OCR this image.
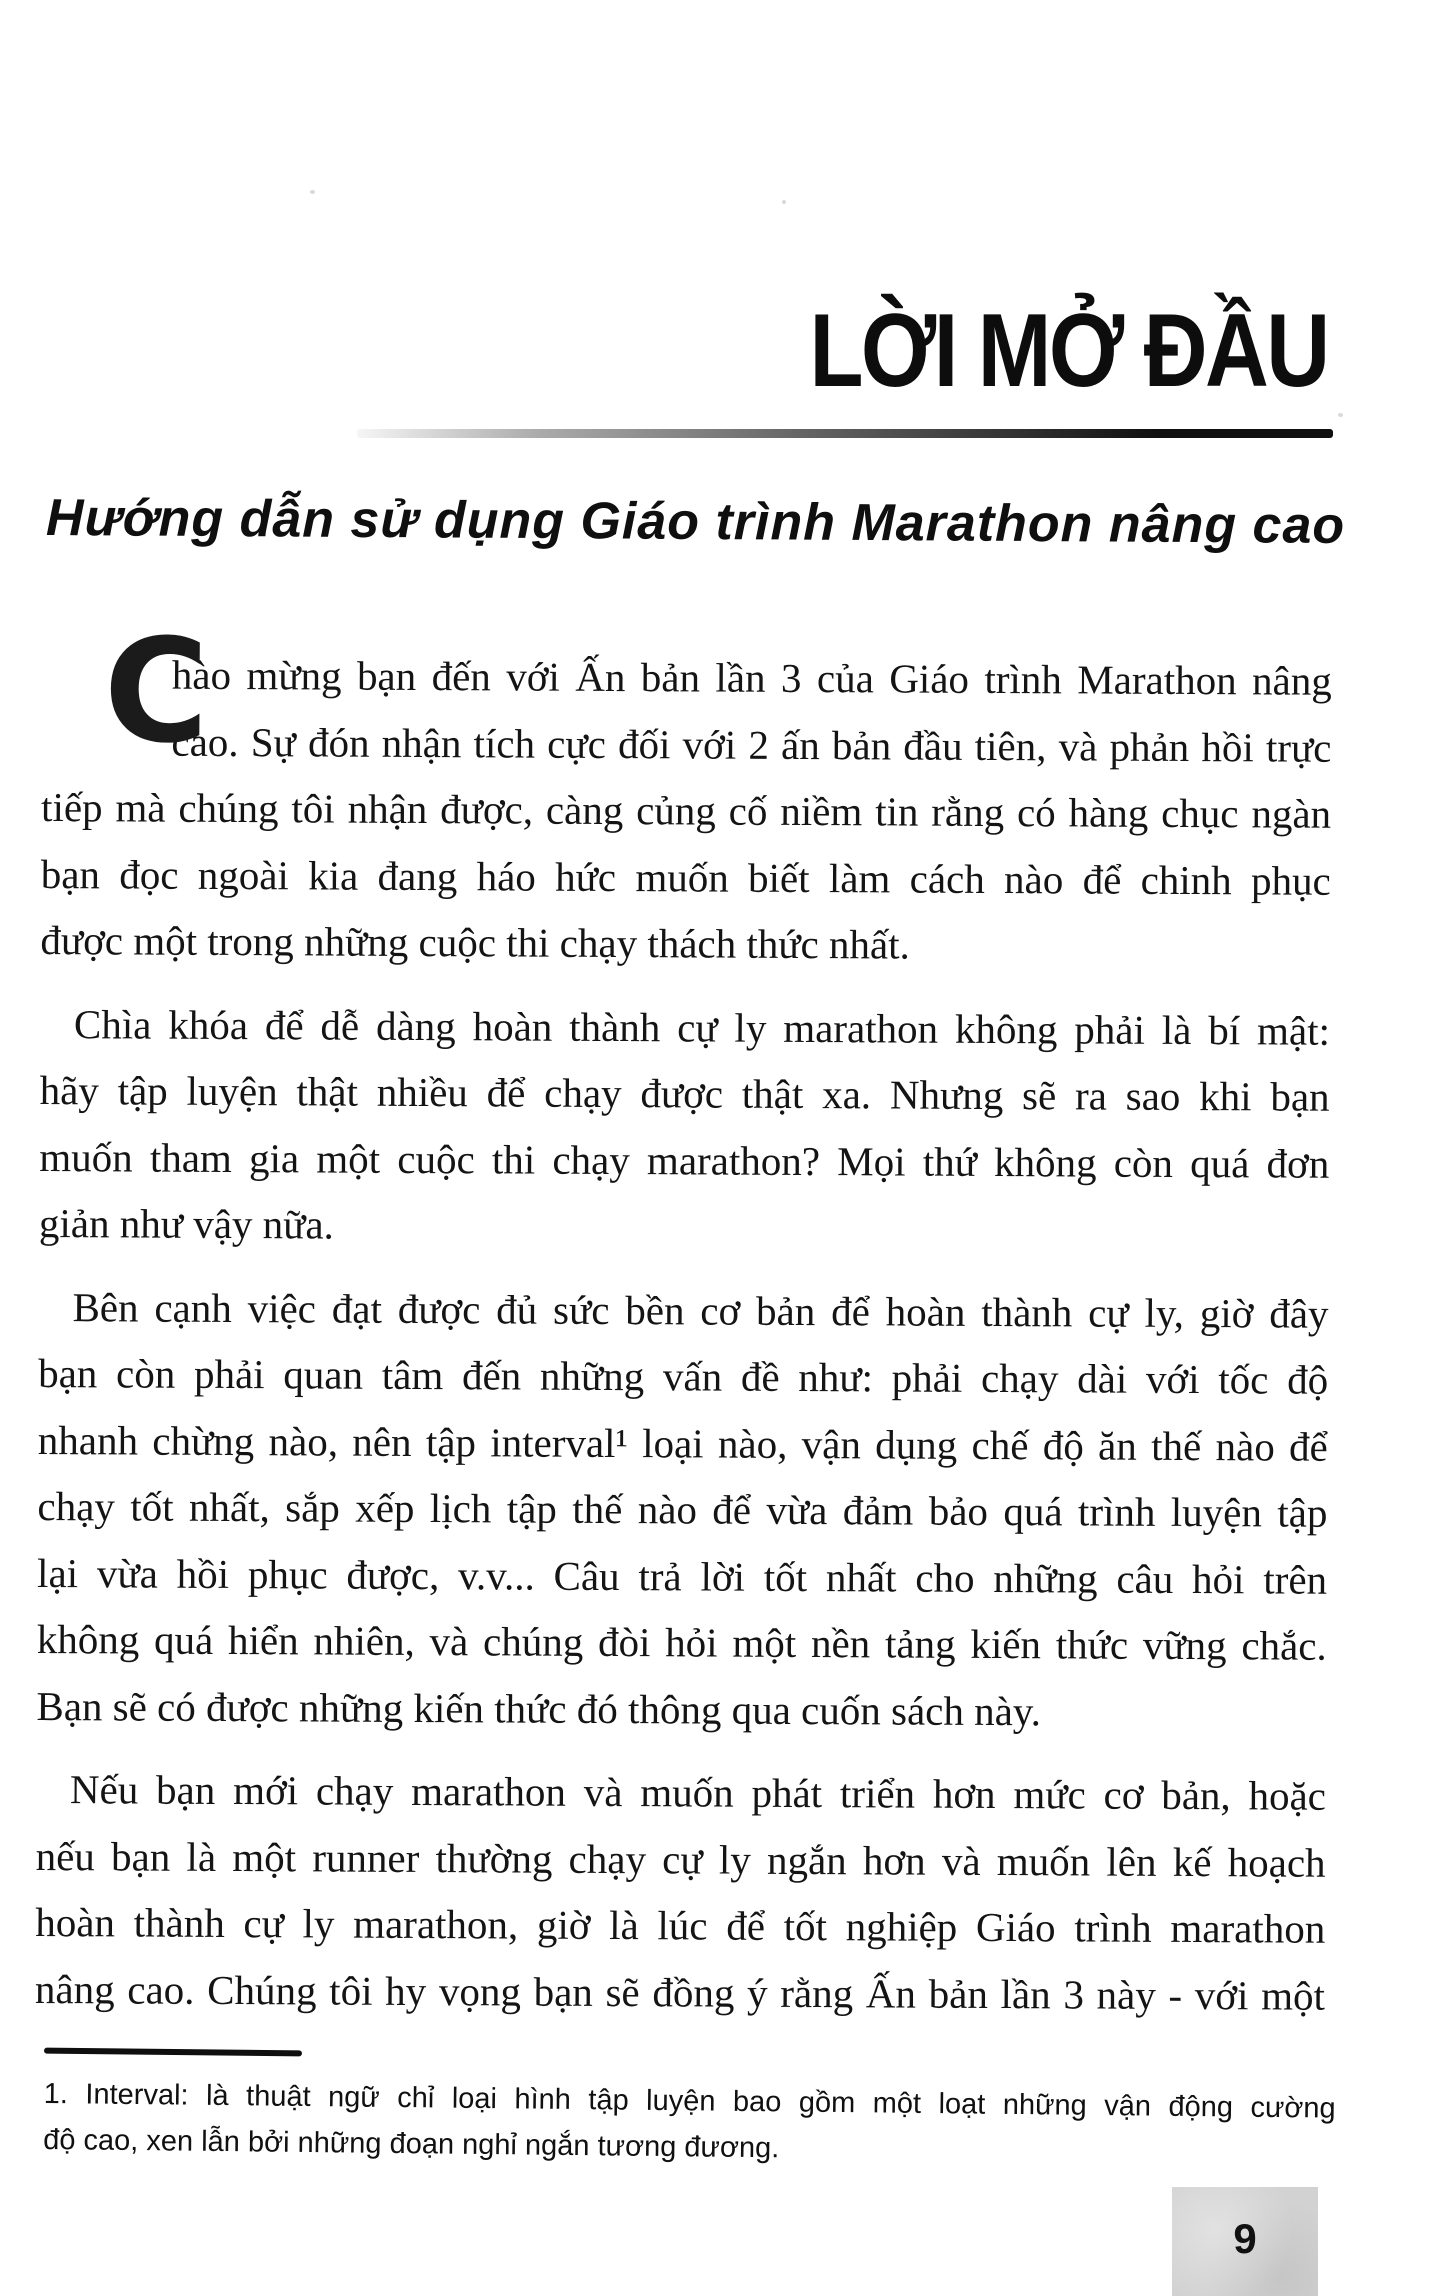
LỜI MỞ ĐẦU
Hướng dẫn sử dụng Giáo trình Marathon nâng cao
C
hào mừng bạn đến với Ấn bản lần 3 của Giáo trình Marathon nâng
cao. Sự đón nhận tích cực đối với 2 ấn bản đầu tiên, và phản hồi trực
tiếp mà chúng tôi nhận được, càng củng cố niềm tin rằng có hàng chục ngàn
bạn đọc ngoài kia đang háo hức muốn biết làm cách nào để chinh phục
được một trong những cuộc thi chạy thách thức nhất.
Chìa khóa để dễ dàng hoàn thành cự ly marathon không phải là bí mật:
hãy tập luyện thật nhiều để chạy được thật xa. Nhưng sẽ ra sao khi bạn
muốn tham gia một cuộc thi chạy marathon? Mọi thứ không còn quá đơn
giản như vậy nữa.
Bên cạnh việc đạt được đủ sức bền cơ bản để hoàn thành cự ly, giờ đây
bạn còn phải quan tâm đến những vấn đề như: phải chạy dài với tốc độ
nhanh chừng nào, nên tập interval¹ loại nào, vận dụng chế độ ăn thế nào để
chạy tốt nhất, sắp xếp lịch tập thế nào để vừa đảm bảo quá trình luyện tập
lại vừa hồi phục được, v.v... Câu trả lời tốt nhất cho những câu hỏi trên
không quá hiển nhiên, và chúng đòi hỏi một nền tảng kiến thức vững chắc.
Bạn sẽ có được những kiến thức đó thông qua cuốn sách này.
Nếu bạn mới chạy marathon và muốn phát triển hơn mức cơ bản, hoặc
nếu bạn là một runner thường chạy cự ly ngắn hơn và muốn lên kế hoạch
hoàn thành cự ly marathon, giờ là lúc để tốt nghiệp Giáo trình marathon
nâng cao. Chúng tôi hy vọng bạn sẽ đồng ý rằng Ấn bản lần 3 này - với một
1. Interval: là thuật ngữ chỉ loại hình tập luyện bao gồm một loạt những vận động cường
độ cao, xen lẫn bởi những đoạn nghỉ ngắn tương đương.
9
